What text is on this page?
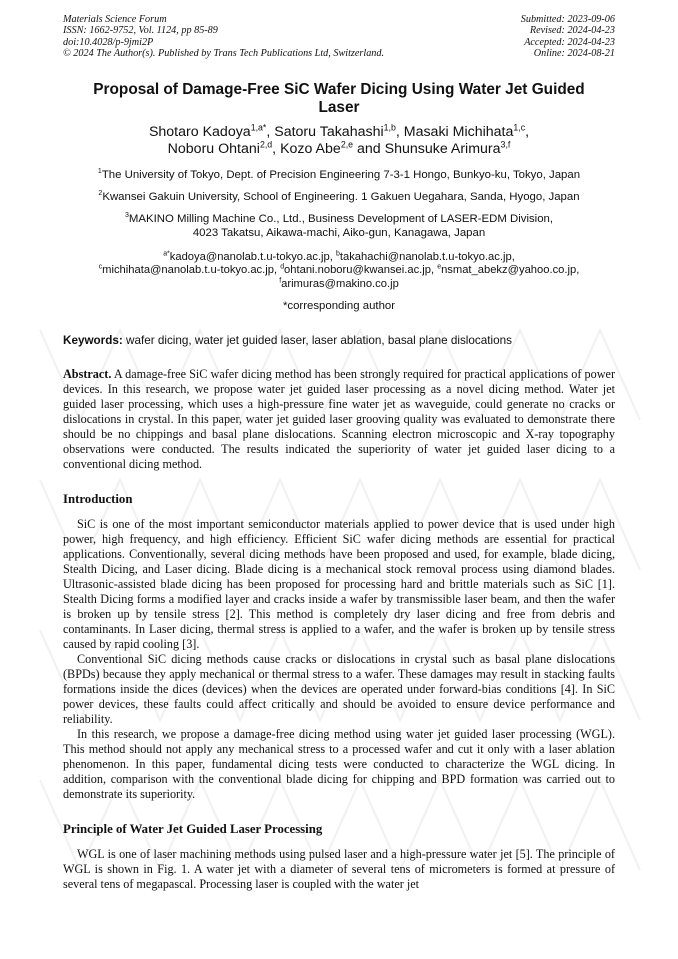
Materials Science Forum
ISSN: 1662-9752, Vol. 1124, pp 85-89
doi:10.4028/p-9jmi2P
© 2024 The Author(s). Published by Trans Tech Publications Ltd, Switzerland.
Submitted: 2023-09-06
Revised: 2024-04-23
Accepted: 2024-04-23
Online: 2024-08-21
Proposal of Damage-Free SiC Wafer Dicing Using Water Jet Guided Laser
Shotaro Kadoya$^{1,a*}$, Satoru Takahashi$^{1,b}$, Masaki Michihata$^{1,c}$,
Noboru Ohtani$^{2,d}$, Kozo Abe$^{2,e}$ and Shunsuke Arimura$^{3,f}$
$^1$The University of Tokyo, Dept. of Precision Engineering 7-3-1 Hongo, Bunkyo-ku, Tokyo, Japan
$^2$Kwansei Gakuin University, School of Engineering. 1 Gakuen Uegahara, Sanda, Hyogo, Japan
$^3$MAKINO Milling Machine Co., Ltd., Business Development of LASER-EDM Division,
4023 Takatsu, Aikawa-machi, Aiko-gun, Kanagawa, Japan
$^{a*}$kadoya@nanolab.t.u-tokyo.ac.jp, $^b$takahachi@nanolab.t.u-tokyo.ac.jp,
$^c$michihata@nanolab.t.u-tokyo.ac.jp, $^d$ohtani.noboru@kwansei.ac.jp, $^e$nsmat_abekz@yahoo.co.jp,
$^f$arimuras@makino.co.jp
*corresponding author
Keywords: wafer dicing, water jet guided laser, laser ablation, basal plane dislocations
Abstract. A damage-free SiC wafer dicing method has been strongly required for practical applications of power devices. In this research, we propose water jet guided laser processing as a novel dicing method. Water jet guided laser processing, which uses a high-pressure fine water jet as waveguide, could generate no cracks or dislocations in crystal. In this paper, water jet guided laser grooving quality was evaluated to demonstrate there should be no chippings and basal plane dislocations. Scanning electron microscopic and X-ray topography observations were conducted. The results indicated the superiority of water jet guided laser dicing to a conventional dicing method.
Introduction

SiC is one of the most important semiconductor materials applied to power device that is used under high power, high frequency, and high efficiency. Efficient SiC wafer dicing methods are essential for practical applications. Conventionally, several dicing methods have been proposed and used, for example, blade dicing, Stealth Dicing, and Laser dicing. Blade dicing is a mechanical stock removal process using diamond blades. Ultrasonic-assisted blade dicing has been proposed for processing hard and brittle materials such as SiC [1]. Stealth Dicing forms a modified layer and cracks inside a wafer by transmissible laser beam, and then the wafer is broken up by tensile stress [2]. This method is completely dry laser dicing and free from debris and contaminants. In Laser dicing, thermal stress is applied to a wafer, and the wafer is broken up by tensile stress caused by rapid cooling [3].

Conventional SiC dicing methods cause cracks or dislocations in crystal such as basal plane dislocations (BPDs) because they apply mechanical or thermal stress to a wafer. These damages may result in stacking faults formations inside the dices (devices) when the devices are operated under forward-bias conditions [4]. In SiC power devices, these faults could affect critically and should be avoided to ensure device performance and reliability.

In this research, we propose a damage-free dicing method using water jet guided laser processing (WGL). This method should not apply any mechanical stress to a processed wafer and cut it only with a laser ablation phenomenon. In this paper, fundamental dicing tests were conducted to characterize the WGL dicing. In addition, comparison with the conventional blade dicing for chipping and BPD formation was carried out to demonstrate its superiority.

Principle of Water Jet Guided Laser Processing

WGL is one of laser machining methods using pulsed laser and a high-pressure water jet [5]. The principle of WGL is shown in Fig. 1. A water jet with a diameter of several tens of micrometers is formed at pressure of several tens of megapascal. Processing laser is coupled with the water jet
